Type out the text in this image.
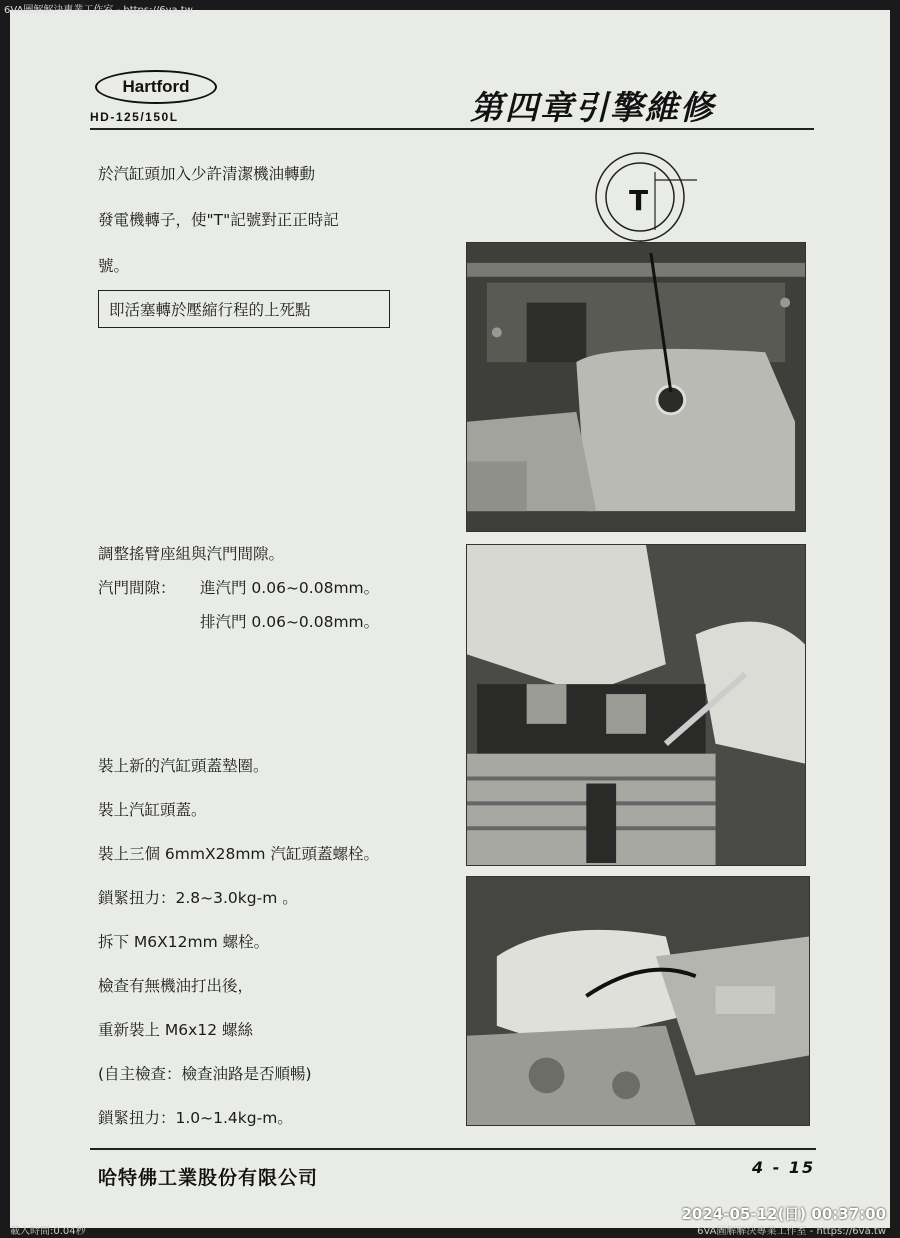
6VA圖解解決專業工作室 - https://6va.tw
Hartford
HD-125/150L	第四章引擎維修
於汽缸頭加入少許清潔機油轉動
發電機轉子，使"T"記號對正正時記
號。
即活塞轉於壓縮行程的上死點
T
調整搖臂座組與汽門間隙。
汽門間隙： 進汽門 0.06~0.08mm。
排汽門 0.06~0.08mm。
裝上新的汽缸頭蓋墊圈。
裝上汽缸頭蓋。
裝上三個 6mmX28mm 汽缸頭蓋螺栓。
鎖緊扭力：2.8~3.0kg-m 。
拆下 M6X12mm 螺栓。
檢查有無機油打出後，
重新裝上 M6x12 螺絲
(自主檢查：檢查油路是否順暢)
鎖緊扭力：1.0~1.4kg-m。
哈特佛工業股份有限公司	4 - 15
2024-05-12(日) 00:37:00
6VA圖解解決專業工作室 - https://6va.tw
載入時間:0.04秒
